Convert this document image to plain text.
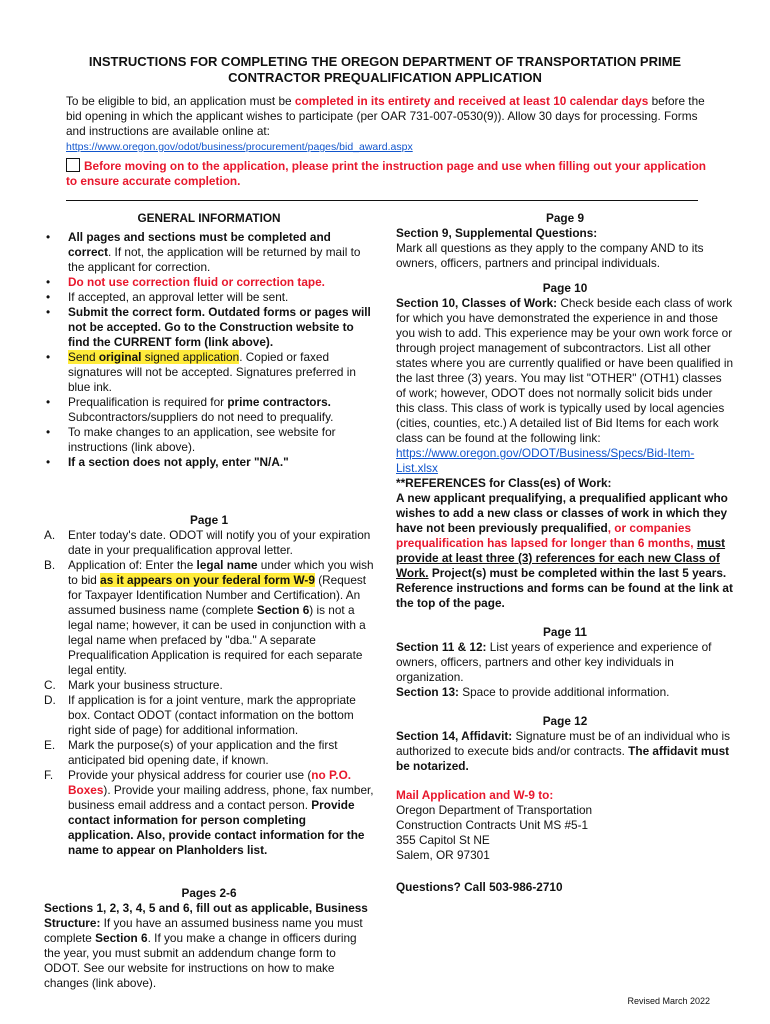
INSTRUCTIONS FOR COMPLETING THE OREGON DEPARTMENT OF TRANSPORTATION PRIME
CONTRACTOR PREQUALIFICATION APPLICATION
To be eligible to bid, an application must be completed in its entirety and received at least 10 calendar days before the bid opening in which the applicant wishes to participate (per OAR 731-007-0530(9)). Allow 30 days for processing. Forms and instructions are available online at:
https://www.oregon.gov/odot/business/procurement/pages/bid_award.aspx
Before moving on to the application, please print the instruction page and use when filling out your application to ensure accurate completion.
GENERAL INFORMATION
• All pages and sections must be completed and correct. If not, the application will be returned by mail to the applicant for correction.
• Do not use correction fluid or correction tape.
• If accepted, an approval letter will be sent.
• Submit the correct form. Outdated forms or pages will not be accepted. Go to the Construction website to find the CURRENT form (link above).
• Send original signed application. Copied or faxed signatures will not be accepted. Signatures preferred in blue ink.
• Prequalification is required for prime contractors. Subcontractors/suppliers do not need to prequalify.
• To make changes to an application, see website for instructions (link above).
• If a section does not apply, enter "N/A."
Page 1
A. Enter today's date. ODOT will notify you of your expiration date in your prequalification approval letter.
B. Application of: Enter the legal name under which you wish to bid as it appears on your federal form W-9 (Request for Taxpayer Identification Number and Certification). An assumed business name (complete Section 6) is not a legal name; however, it can be used in conjunction with a legal name when prefaced by "dba." A separate Prequalification Application is required for each separate legal entity.
C. Mark your business structure.
D. If application is for a joint venture, mark the appropriate box. Contact ODOT (contact information on the bottom right side of page) for additional information.
E. Mark the purpose(s) of your application and the first anticipated bid opening date, if known.
F. Provide your physical address for courier use (no P.O. Boxes). Provide your mailing address, phone, fax number, business email address and a contact person. Provide contact information for person completing application. Also, provide contact information for the name to appear on Planholders list.
Pages 2-6
Sections 1, 2, 3, 4, 5 and 6, fill out as applicable, Business Structure: If you have an assumed business name you must complete Section 6. If you make a change in officers during the year, you must submit an addendum change form to ODOT. See our website for instructions on how to make changes (link above).
Page 9
Section 9, Supplemental Questions:
Mark all questions as they apply to the company AND to its owners, officers, partners and principal individuals.
Page 10
Section 10, Classes of Work: Check beside each class of work for which you have demonstrated the experience in and those you wish to add. This experience may be your own work force or through project management of subcontractors. List all other states where you are currently qualified or have been qualified in the last three (3) years. You may list "OTHER" (OTH1) classes of work; however, ODOT does not normally solicit bids under this class. This class of work is typically used by local agencies (cities, counties, etc.) A detailed list of Bid Items for each work class can be found at the following link: https://www.oregon.gov/ODOT/Business/Specs/Bid-Item-List.xlsx
**REFERENCES for Class(es) of Work:
A new applicant prequalifying, a prequalified applicant who wishes to add a new class or classes of work in which they have not been previously prequalified, or companies prequalification has lapsed for longer than 6 months, must provide at least three (3) references for each new Class of Work. Project(s) must be completed within the last 5 years. Reference instructions and forms can be found at the link at the top of the page.
Page 11
Section 11 & 12: List years of experience and experience of owners, officers, partners and other key individuals in organization.
Section 13: Space to provide additional information.
Page 12
Section 14, Affidavit: Signature must be of an individual who is authorized to execute bids and/or contracts. The affidavit must be notarized.
Mail Application and W-9 to:
Oregon Department of Transportation
Construction Contracts Unit MS #5-1
355 Capitol St NE
Salem, OR 97301
Questions? Call 503-986-2710
Revised March 2022
